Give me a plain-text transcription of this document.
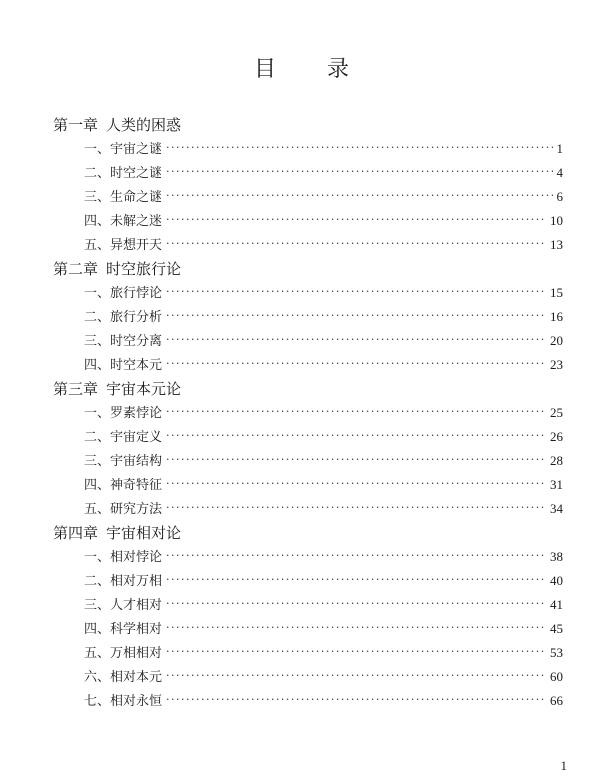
目 录
第一章 人类的困惑
一、宇宙之谜 ·····	1
二、时空之谜 ·····	4
三、生命之谜 ·····	6
四、未解之迷 ·····	10
五、异想开天 ·····	13
第二章 时空旅行论
一、旅行悖论 ·····	15
二、旅行分析 ·····	16
三、时空分离 ·····	20
四、时空本元 ·····	23
第三章 宇宙本元论
一、罗素悖论 ·····	25
二、宇宙定义 ·····	26
三、宇宙结构 ·····	28
四、神奇特征 ·····	31
五、研究方法 ·····	34
第四章 宇宙相对论
一、相对悖论 ·····	38
二、相对万相 ·····	40
三、人才相对 ·····	41
四、科学相对 ·····	45
五、万相相对 ·····	53
六、相对本元 ·····	60
七、相对永恒 ·····	66
1
